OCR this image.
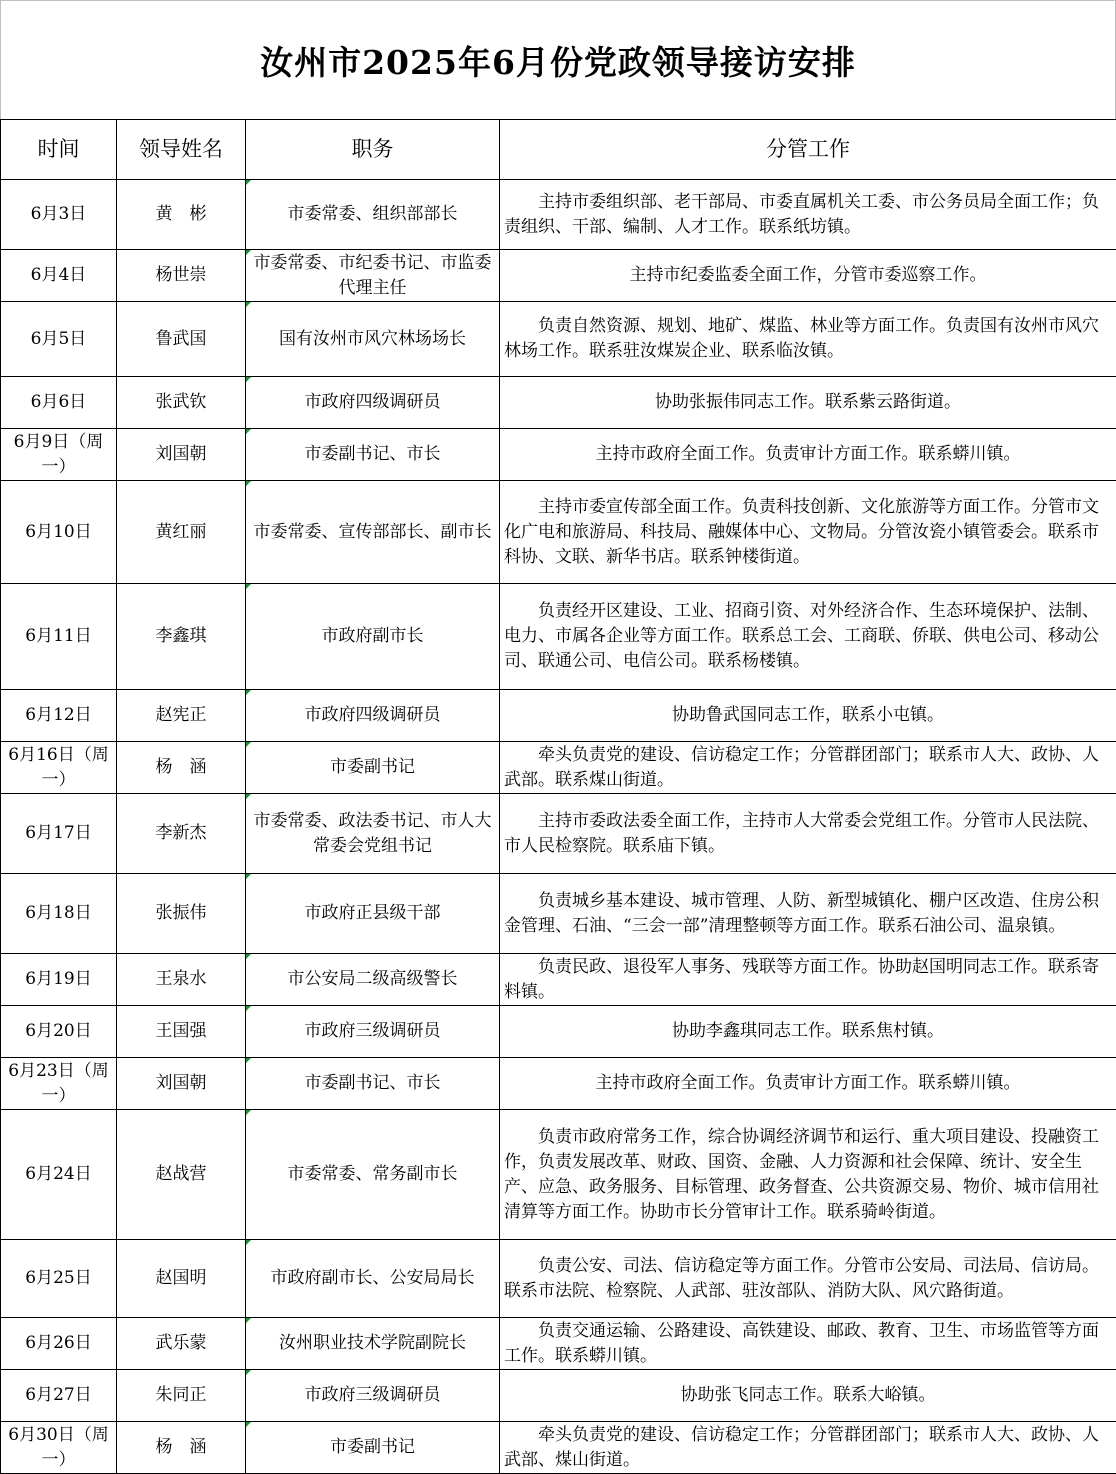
汝州市2025年6月份党政领导接访安排
时间	领导姓名	职务	分管工作
6月3日	黄　彬	市委常委、组织部部长	主持市委组织部、老干部局、市委直属机关工委、市公务员局全面工作；负责组织、干部、编制、人才工作。联系纸坊镇。
6月4日	杨世崇	市委常委、市纪委书记、市监委代理主任	主持市纪委监委全面工作，分管市委巡察工作。
6月5日	鲁武国	国有汝州市风穴林场场长	负责自然资源、规划、地矿、煤监、林业等方面工作。负责国有汝州市风穴林场工作。联系驻汝煤炭企业、联系临汝镇。
6月6日	张武钦	市政府四级调研员	协助张振伟同志工作。联系紫云路街道。
6月9日（周一）	刘国朝	市委副书记、市长	主持市政府全面工作。负责审计方面工作。联系蟒川镇。
6月10日	黄红丽	市委常委、宣传部部长、副市长	主持市委宣传部全面工作。负责科技创新、文化旅游等方面工作。分管市文化广电和旅游局、科技局、融媒体中心、文物局。分管汝瓷小镇管委会。联系市科协、文联、新华书店。联系钟楼街道。
6月11日	李鑫琪	市政府副市长	负责经开区建设、工业、招商引资、对外经济合作、生态环境保护、法制、电力、市属各企业等方面工作。联系总工会、工商联、侨联、供电公司、移动公司、联通公司、电信公司。联系杨楼镇。
6月12日	赵宪正	市政府四级调研员	协助鲁武国同志工作，联系小屯镇。
6月16日（周一）	杨　涵	市委副书记	牵头负责党的建设、信访稳定工作；分管群团部门；联系市人大、政协、人武部。联系煤山街道。
6月17日	李新杰	市委常委、政法委书记、市人大常委会党组书记	主持市委政法委全面工作，主持市人大常委会党组工作。分管市人民法院、市人民检察院。联系庙下镇。
6月18日	张振伟	市政府正县级干部	负责城乡基本建设、城市管理、人防、新型城镇化、棚户区改造、住房公积金管理、石油、“三会一部”清理整顿等方面工作。联系石油公司、温泉镇。
6月19日	王泉水	市公安局二级高级警长	负责民政、退役军人事务、残联等方面工作。协助赵国明同志工作。联系寄料镇。
6月20日	王国强	市政府三级调研员	协助李鑫琪同志工作。联系焦村镇。
6月23日（周一）	刘国朝	市委副书记、市长	主持市政府全面工作。负责审计方面工作。联系蟒川镇。
6月24日	赵战营	市委常委、常务副市长	负责市政府常务工作，综合协调经济调节和运行、重大项目建设、投融资工作，负责发展改革、财政、国资、金融、人力资源和社会保障、统计、安全生产、应急、政务服务、目标管理、政务督查、公共资源交易、物价、城市信用社清算等方面工作。协助市长分管审计工作。联系骑岭街道。
6月25日	赵国明	市政府副市长、公安局局长	负责公安、司法、信访稳定等方面工作。分管市公安局、司法局、信访局。联系市法院、检察院、人武部、驻汝部队、消防大队、风穴路街道。
6月26日	武乐蒙	汝州职业技术学院副院长	负责交通运输、公路建设、高铁建设、邮政、教育、卫生、市场监管等方面工作。联系蟒川镇。
6月27日	朱同正	市政府三级调研员	协助张飞同志工作。联系大峪镇。
6月30日（周一）	杨　涵	市委副书记	牵头负责党的建设、信访稳定工作；分管群团部门；联系市人大、政协、人武部、煤山街道。
